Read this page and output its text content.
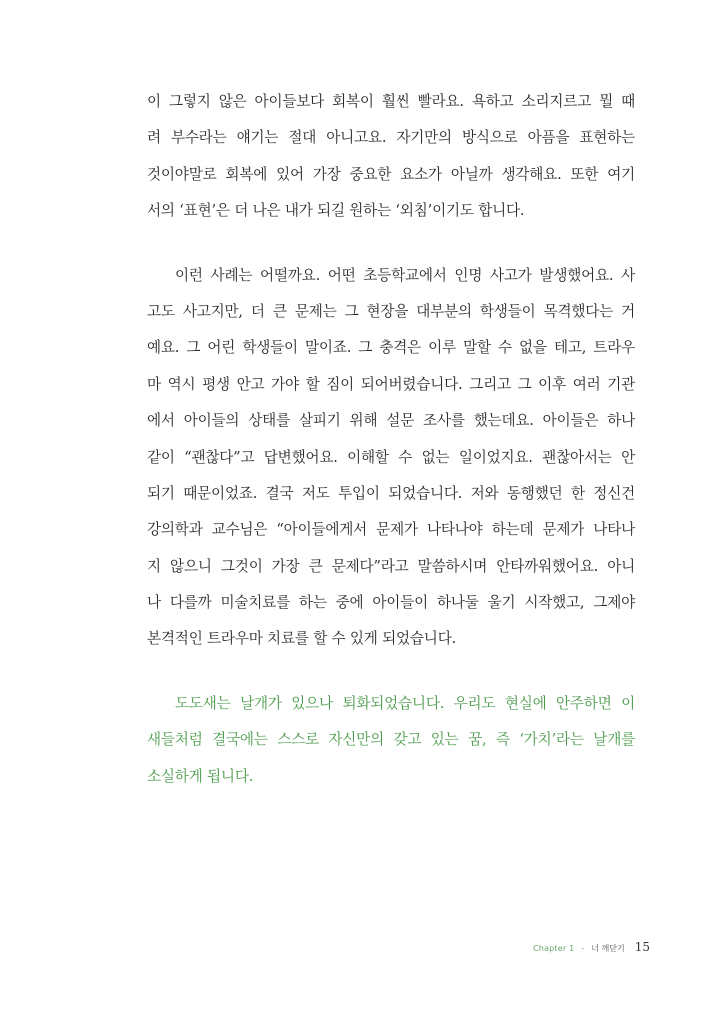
이 그렇지 않은 아이들보다 회복이 훨씬 빨라요. 욕하고 소리지르고 뭘 때
려 부수라는 얘기는 절대 아니고요. 자기만의 방식으로 아픔을 표현하는
것이야말로 회복에 있어 가장 중요한 요소가 아닐까 생각해요. 또한 여기
서의 ‘표현’은 더 나은 내가 되길 원하는 ‘외침’이기도 합니다.
이런 사례는 어떨까요. 어떤 초등학교에서 인명 사고가 발생했어요. 사
고도 사고지만, 더 큰 문제는 그 현장을 대부분의 학생들이 목격했다는 거
예요. 그 어린 학생들이 말이죠. 그 충격은 이루 말할 수 없을 테고, 트라우
마 역시 평생 안고 가야 할 짐이 되어버렸습니다. 그리고 그 이후 여러 기관
에서 아이들의 상태를 살피기 위해 설문 조사를 했는데요. 아이들은 하나
같이 “괜찮다”고 답변했어요. 이해할 수 없는 일이었지요. 괜찮아서는 안
되기 때문이었죠. 결국 저도 투입이 되었습니다. 저와 동행했던 한 정신건
강의학과 교수님은 “아이들에게서 문제가 나타나야 하는데 문제가 나타나
지 않으니 그것이 가장 큰 문제다”라고 말씀하시며 안타까워했어요. 아니
나 다를까 미술치료를 하는 중에 아이들이 하나둘 울기 시작했고, 그제야
본격적인 트라우마 치료를 할 수 있게 되었습니다.
도도새는 날개가 있으나 퇴화되었습니다. 우리도 현실에 안주하면 이
새들처럼 결국에는 스스로 자신만의 갖고 있는 꿈, 즉 ‘가치’라는 날개를
소실하게 됩니다.
Chapter 1 - 너 깨닫기 15
